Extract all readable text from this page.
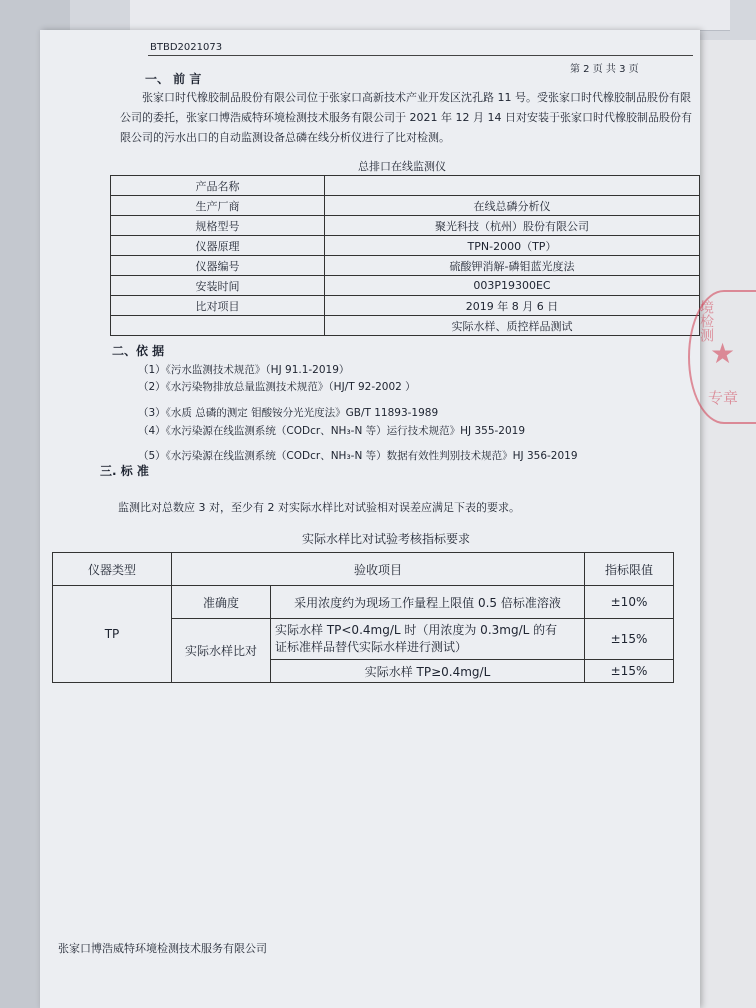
BTBD2021073
第 2 页 共 3 页
一、 前 言
张家口时代橡胶制品股份有限公司位于张家口高新技术产业开发区沈孔路 11 号。受张家口时代橡胶制品股份有限公司的委托，张家口博浩威特环境检测技术服务有限公司于 2021 年 12 月 14 日对安装于张家口时代橡胶制品股份有限公司的污水出口的自动监测设备总磷在线分析仪进行了比对检测。
总排口在线监测仪
产品名称	
生产厂商	在线总磷分析仪
规格型号	聚光科技（杭州）股份有限公司
仪器原理	TPN-2000（TP）
仪器编号	硫酸钾消解-磷钼蓝光度法
安装时间	003P19300EC
比对项目	2019 年 8 月 6 日
	实际水样、质控样品测试
二、依 据
（1）《污水监测技术规范》（HJ 91.1-2019）
（2）《水污染物排放总量监测技术规范》（HJ/T 92-2002 ）
（3）《水质 总磷的测定 钼酸铵分光光度法》GB/T 11893-1989
（4）《水污染源在线监测系统（CODcr、NH₃-N 等）运行技术规范》HJ 355-2019
（5）《水污染源在线监测系统（CODcr、NH₃-N 等）数据有效性判别技术规范》HJ 356-2019
三. 标 准
监测比对总数应 3 对，至少有 2 对实际水样比对试验相对误差应满足下表的要求。
实际水样比对试验考核指标要求
仪器类型	验收项目		指标限值
TP	准确度	采用浓度约为现场工作量程上限值 0.5 倍标准溶液	±10%
	实际水样比对	实际水样 TP<0.4mg/L 时（用浓度为 0.3mg/L 的有
证标准样品替代实际水样进行测试）	±15%
		实际水样 TP≥0.4mg/L	±15%
张家口博浩威特环境检测技术服务有限公司
境检测
★
专章
